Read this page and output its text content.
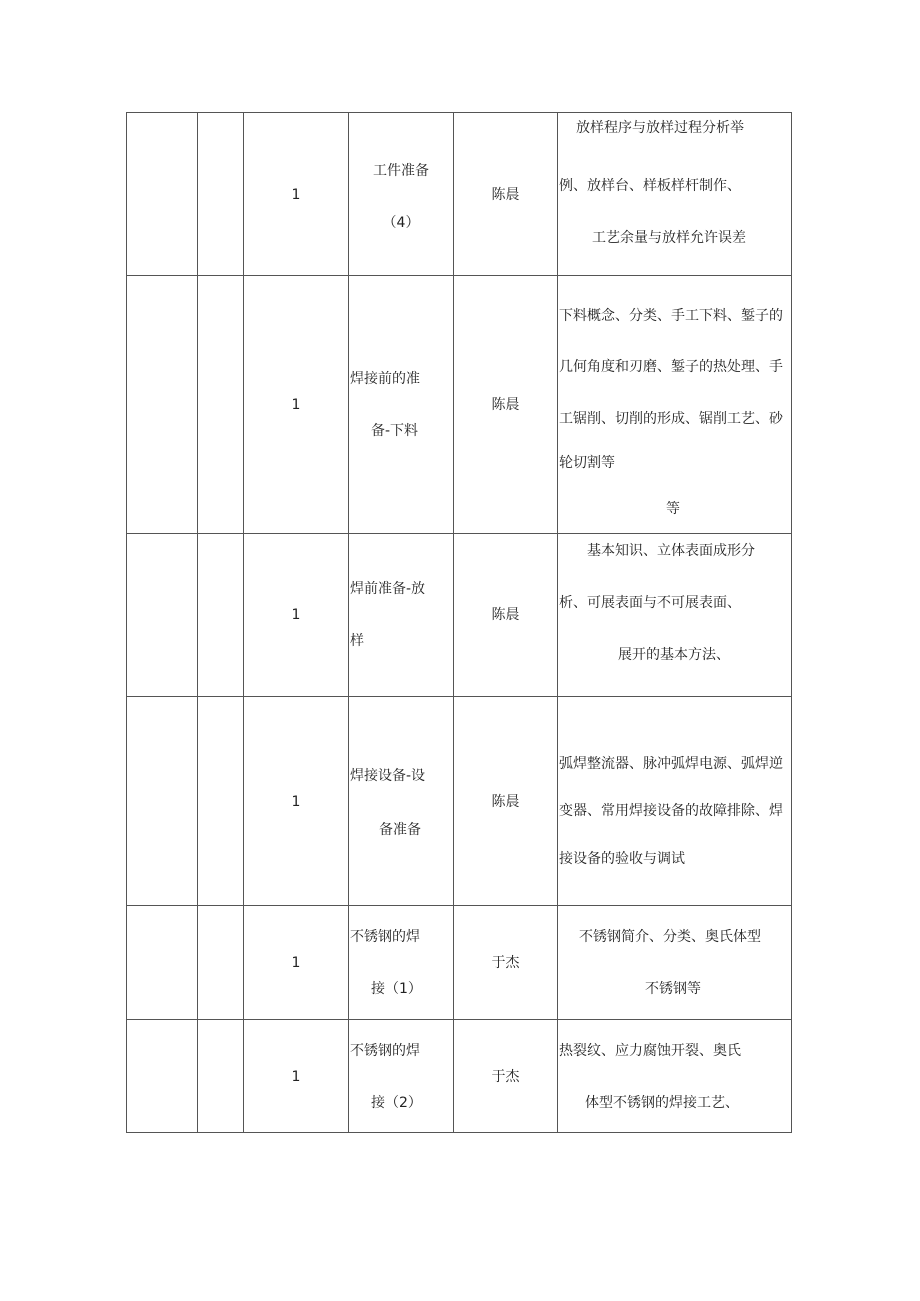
		1	工件准备
（4）	陈晨	放样程序与放样过程分析举
例、放样台、样板样杆制作、
工艺余量与放样允许误差

		1	焊接前的准
备-下料	陈晨	下料概念、分类、手工下料、錾子的
几何角度和刃磨、錾子的热处理、手
工锯削、切削的形成、锯削工艺、砂
轮切割等
等

		1	焊前准备-放
样	陈晨	基本知识、立体表面成形分
析、可展表面与不可展表面、
展开的基本方法、

		1	焊接设备-设
备准备	陈晨	弧焊整流器、脉冲弧焊电源、弧焊逆
变器、常用焊接设备的故障排除、焊
接设备的验收与调试

		1	不锈钢的焊
接（1）	于杰	不锈钢简介、分类、奥氏体型
不锈钢等

		1	不锈钢的焊
接（2）	于杰	热裂纹、应力腐蚀开裂、奥氏
体型不锈钢的焊接工艺、
